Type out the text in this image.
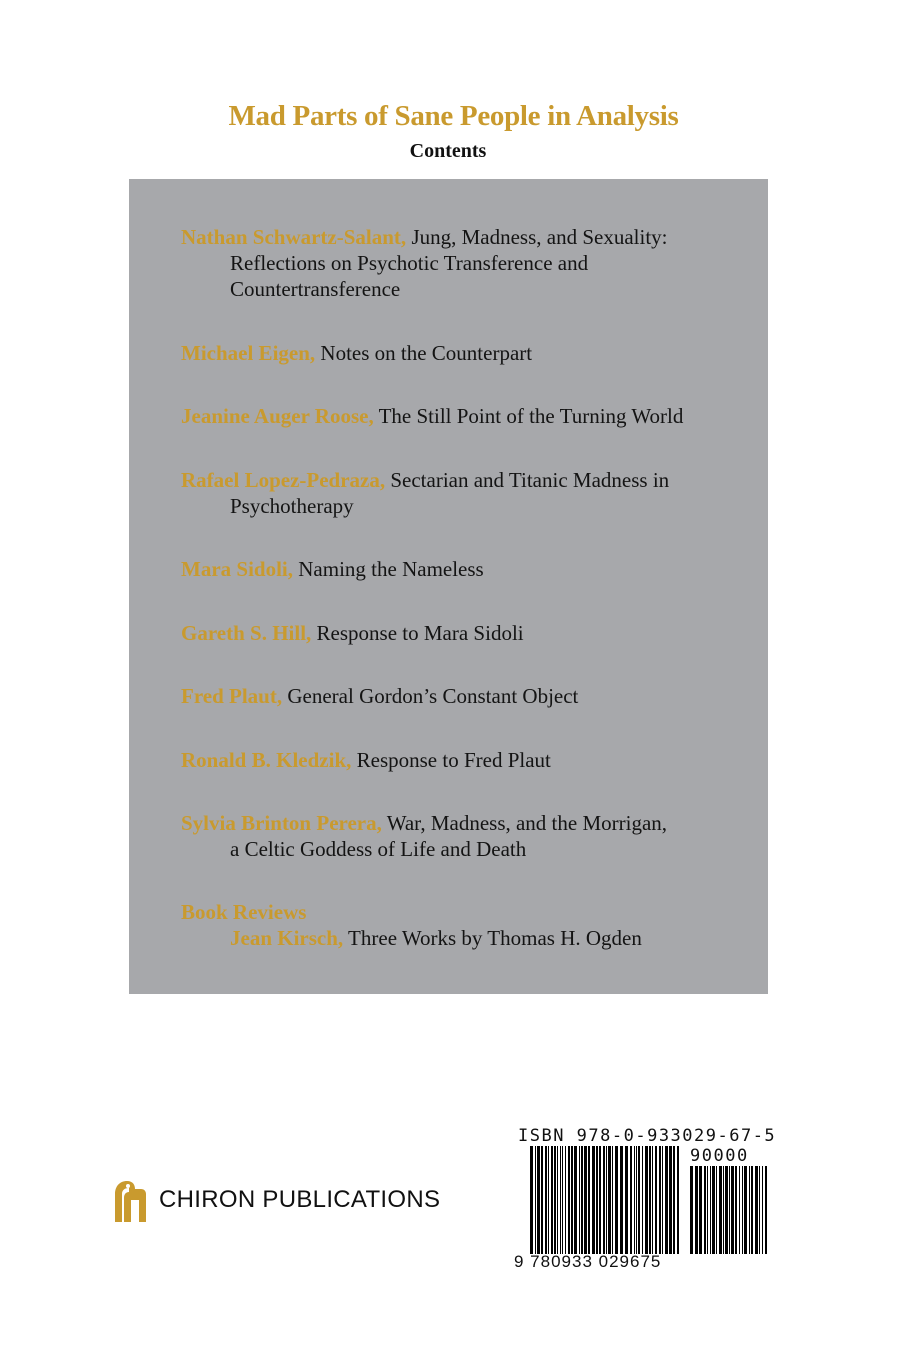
Mad Parts of Sane People in Analysis
Contents
Nathan Schwartz-Salant, Jung, Madness, and Sexuality:
Reflections on Psychotic Transference and
Countertransference
Michael Eigen, Notes on the Counterpart
Jeanine Auger Roose, The Still Point of the Turning World
Rafael Lopez-Pedraza, Sectarian and Titanic Madness in
Psychotherapy
Mara Sidoli, Naming the Nameless
Gareth S. Hill, Response to Mara Sidoli
Fred Plaut, General Gordon’s Constant Object
Ronald B. Kledzik, Response to Fred Plaut
Sylvia Brinton Perera, War, Madness, and the Morrigan,
a Celtic Goddess of Life and Death
Book Reviews
Jean Kirsch, Three Works by Thomas H. Ogden
CHIRON PUBLICATIONS
ISBN 978-0-933029-67-5
90000
9 780933 029675
